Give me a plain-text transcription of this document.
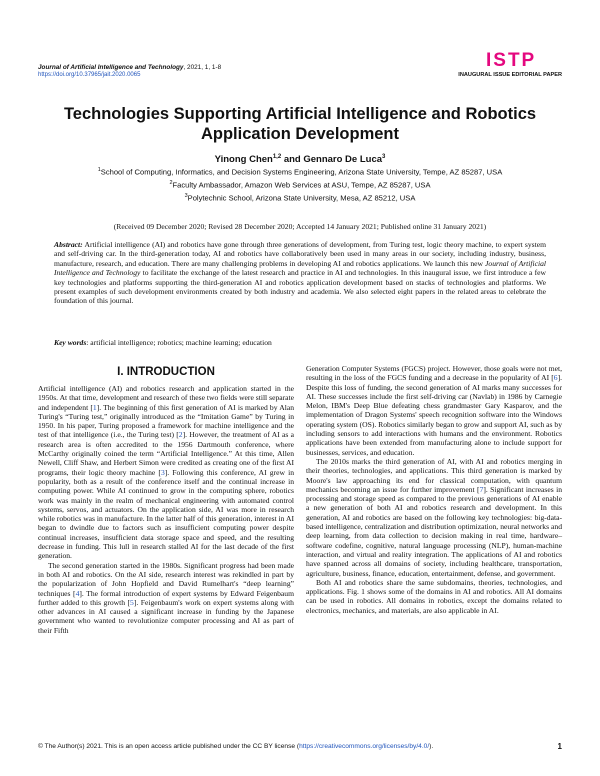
Journal of Artificial Intelligence and Technology, 2021, 1, 1-8
https://doi.org/10.37965/jait.2020.0065
ISTP
INAUGURAL ISSUE EDITORIAL PAPER
Technologies Supporting Artificial Intelligence and Robotics
Application Development
Yinong Chen$^{1,2}$ and Gennaro De Luca$^3$
$^1$School of Computing, Informatics, and Decision Systems Engineering, Arizona State University, Tempe, AZ 85287, USA
$^2$Faculty Ambassador, Amazon Web Services at ASU, Tempe, AZ 85287, USA
$^3$Polytechnic School, Arizona State University, Mesa, AZ 85212, USA
(Received 09 December 2020; Revised 28 December 2020; Accepted 14 January 2021; Published online 31 January 2021)
Abstract: Artificial intelligence (AI) and robotics have gone through three generations of development, from Turing test, logic theory machine, to expert system and self-driving car. In the third-generation today, AI and robotics have collaboratively been used in many areas in our society, including industry, business, manufacture, research, and education. There are many challenging problems in developing AI and robotics applications. We launch this new Journal of Artificial Intelligence and Technology to facilitate the exchange of the latest research and practice in AI and technologies. In this inaugural issue, we first introduce a few key technologies and platforms supporting the third-generation AI and robotics application development based on stacks of technologies and platforms. We present examples of such development environments created by both industry and academia. We also selected eight papers in the related areas to celebrate the foundation of this journal.
Key words: artificial intelligence; robotics; machine learning; education
I. INTRODUCTION

Artificial intelligence (AI) and robotics research and application started in the 1950s. At that time, development and research of these two fields were still separate and independent [1]. The beginning of this first generation of AI is marked by Alan Turing's “Turing test,” originally introduced as the “Imitation Game” by Turing in 1950. In his paper, Turing proposed a framework for machine intelligence and the test of that intelligence (i.e., the Turing test) [2]. However, the treatment of AI as a research area is often accredited to the 1956 Dartmouth conference, where McCarthy originally coined the term “Artificial Intelligence.” At this time, Allen Newell, Cliff Shaw, and Herbert Simon were credited as creating one of the first AI programs, their logic theory machine [3]. Following this conference, AI grew in popularity, both as a result of the conference itself and the continual increase in computing power. While AI continued to grow in the computing sphere, robotics work was mainly in the realm of mechanical engineering with automated control systems, servos, and actuators. On the application side, AI was more in research while robotics was in manufacture. In the latter half of this generation, interest in AI began to dwindle due to factors such as insufficient computing power despite continual increases, insufficient data storage space and speed, and the resulting decrease in funding. This lull in research stalled AI for the last decade of the first generation.

The second generation started in the 1980s. Significant progress had been made in both AI and robotics. On the AI side, research interest was rekindled in part by the popularization of John Hopfield and David Rumelhart's “deep learning” techniques [4]. The formal introduction of expert systems by Edward Feigenbaum further added to this growth [5]. Feigenbaum's work on expert systems along with other advances in AI caused a significant increase in funding by the Japanese government who wanted to revolutionize computer processing and AI as part of their Fifth

Generation Computer Systems (FGCS) project. However, those goals were not met, resulting in the loss of the FGCS funding and a decrease in the popularity of AI [6]. Despite this loss of funding, the second generation of AI marks many successes for AI. These successes include the first self-driving car (Navlab) in 1986 by Carnegie Melon, IBM's Deep Blue defeating chess grandmaster Gary Kasparov, and the implementation of Dragon Systems' speech recognition software into the Windows operating system (OS). Robotics similarly began to grow and support AI, such as by including sensors to add interactions with humans and the environment. Robotics applications have been extended from manufacturing alone to include support for businesses, services, and education.

The 2010s marks the third generation of AI, with AI and robotics merging in their theories, technologies, and applications. This third generation is marked by Moore's law approaching its end for classical computation, with quantum mechanics becoming an issue for further improvement [7]. Significant increases in processing and storage speed as compared to the previous generations of AI enable a new generation of both AI and robotics research and development. In this generation, AI and robotics are based on the following key technologies: big-data-based intelligence, centralization and distribution optimization, neural networks and deep learning, from data collection to decision making in real time, hardware–software codefine, cognitive, natural language processing (NLP), human-machine interaction, and virtual and reality integration. The applications of AI and robotics have spanned across all domains of society, including healthcare, transportation, agriculture, business, finance, education, entertainment, defense, and government.

Both AI and robotics share the same subdomains, theories, technologies, and applications. Fig. 1 shows some of the domains in AI and robotics. All AI domains can be used in robotics. All domains in robotics, except the domains related to electronics, mechanics, and materials, are also applicable in AI.

© The Author(s) 2021. This is an open access article published under the CC BY license (https://creativecommons.org/licenses/by/4.0/).	1
